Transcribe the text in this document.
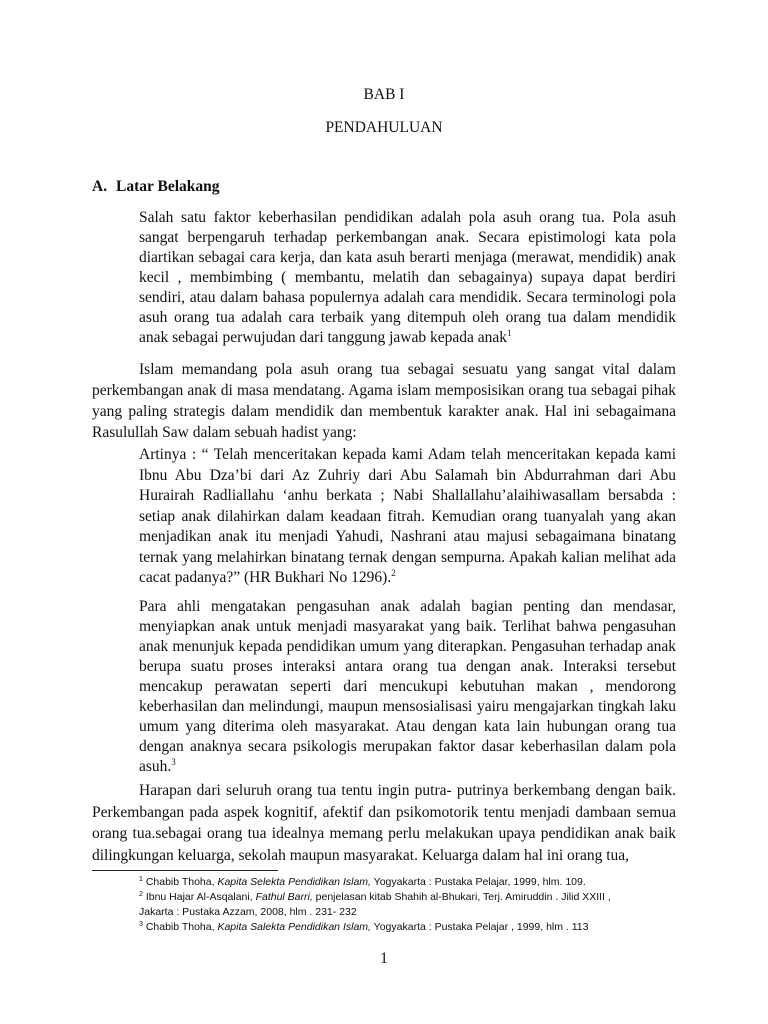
BAB I
PENDAHULUAN
A. Latar Belakang

Salah satu faktor keberhasilan pendidikan adalah pola asuh orang tua. Pola asuh sangat berpengaruh terhadap perkembangan anak. Secara epistimologi kata pola diartikan sebagai cara kerja, dan kata asuh berarti menjaga (merawat, mendidik) anak kecil , membimbing ( membantu, melatih dan sebagainya) supaya dapat berdiri sendiri, atau dalam bahasa populernya adalah cara mendidik. Secara terminologi pola asuh orang tua adalah cara terbaik yang ditempuh oleh orang tua dalam mendidik anak sebagai perwujudan dari tanggung jawab kepada anak$^1$

Islam memandang pola asuh orang tua sebagai sesuatu yang sangat vital dalam perkembangan anak di masa mendatang. Agama islam memposisikan orang tua sebagai pihak yang paling strategis dalam mendidik dan membentuk karakter anak. Hal ini sebagaimana Rasulullah Saw dalam sebuah hadist yang:

Artinya : “ Telah menceritakan kepada kami Adam telah menceritakan kepada kami Ibnu Abu Dza’bi dari Az Zuhriy dari Abu Salamah bin Abdurrahman dari Abu Hurairah Radliallahu ‘anhu berkata ; Nabi Shallallahu’alaihiwasallam bersabda : setiap anak dilahirkan dalam keadaan fitrah. Kemudian orang tuanyalah yang akan menjadikan anak itu menjadi Yahudi, Nashrani atau majusi sebagaimana binatang ternak yang melahirkan binatang ternak dengan sempurna. Apakah kalian melihat ada cacat padanya?” (HR Bukhari No 1296).$^2$

Para ahli mengatakan pengasuhan anak adalah bagian penting dan mendasar, menyiapkan anak untuk menjadi masyarakat yang baik. Terlihat bahwa pengasuhan anak menunjuk kepada pendidikan umum yang diterapkan. Pengasuhan terhadap anak berupa suatu proses interaksi antara orang tua dengan anak. Interaksi tersebut mencakup perawatan seperti dari mencukupi kebutuhan makan , mendorong keberhasilan dan melindungi, maupun mensosialisasi yairu mengajarkan tingkah laku umum yang diterima oleh masyarakat. Atau dengan kata lain hubungan orang tua dengan anaknya secara psikologis merupakan faktor dasar keberhasilan dalam pola asuh.$^3$

Harapan dari seluruh orang tua tentu ingin putra- putrinya berkembang dengan baik. Perkembangan pada aspek kognitif, afektif dan psikomotorik tentu menjadi dambaan semua orang tua.sebagai orang tua idealnya memang perlu melakukan upaya pendidikan anak baik dilingkungan keluarga, sekolah maupun masyarakat. Keluarga dalam hal ini orang tua,

$^1$ Chabib Thoha, Kapita Selekta Pendidikan Islam, Yogyakarta : Pustaka Pelajar, 1999, hlm. 109.
$^2$ Ibnu Hajar Al-Asqalani, Fathul Barri, penjelasan kitab Shahih al-Bhukari, Terj. Amiruddin . Jilid XXIII ,
Jakarta : Pustaka Azzam, 2008, hlm . 231- 232
$^3$ Chabib Thoha, Kapita Salekta Pendidikan Islam, Yogyakarta : Pustaka Pelajar , 1999, hlm . 113
1
